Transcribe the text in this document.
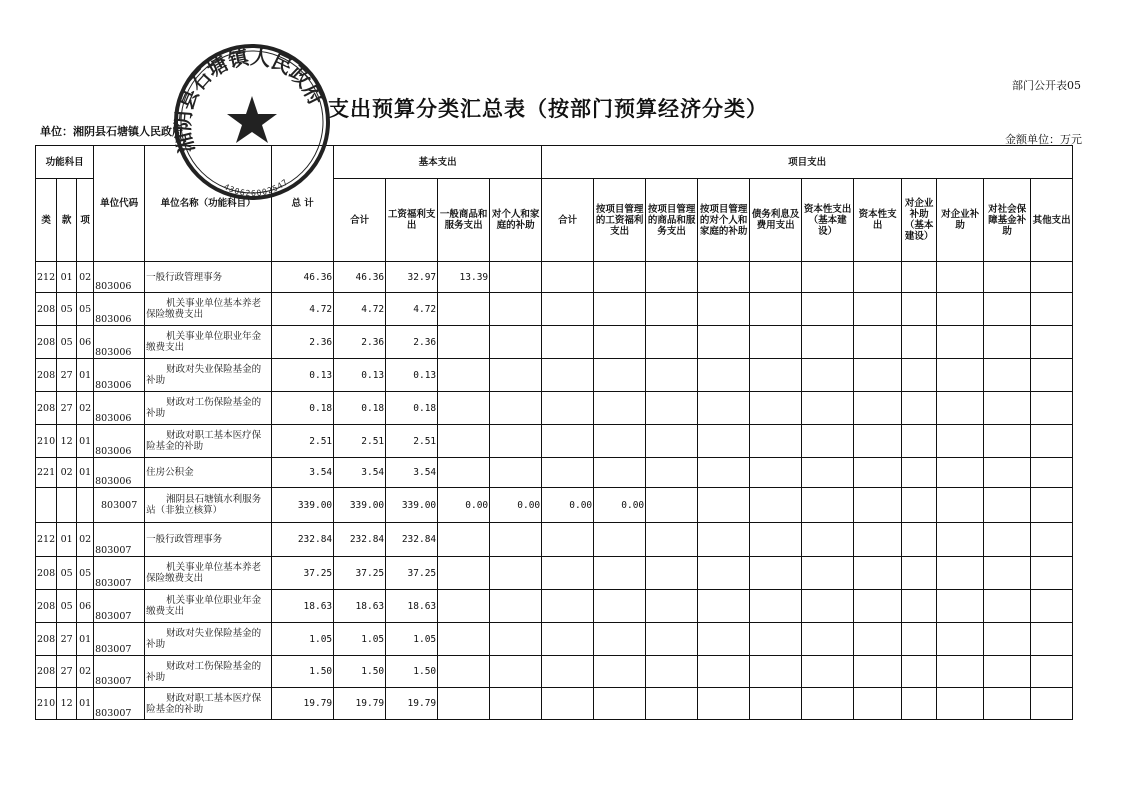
部门公开表05
支出预算分类汇总表（按部门预算经济分类）
单位：湘阴县石塘镇人民政府
金额单位：万元
功能科目			单位代码	单位名称（功能科目）	总 计	基本支出				项目支出										
类	款	项				合计	工资福利支出	一般商品和服务支出	对个人和家庭的补助	合计	按项目管理的工资福利支出	按项目管理的商品和服务支出	按项目管理的对个人和家庭的补助	债务利息及费用支出	资本性支出（基本建设）	资本性支出	对企业补助（基本建设）	对企业补助	对社会保障基金补助	其他支出
212	01	02	803006	一般行政管理事务	46.36	46.36	32.97	13.39												
208	05	05	803006	机关事业单位基本养老保险缴费支出	4.72	4.72	4.72													
208	05	06	803006	机关事业单位职业年金缴费支出	2.36	2.36	2.36													
208	27	01	803006	财政对失业保险基金的补助	0.13	0.13	0.13													
208	27	02	803006	财政对工伤保险基金的补助	0.18	0.18	0.18													
210	12	01	803006	财政对职工基本医疗保险基金的补助	2.51	2.51	2.51													
221	02	01	803006	住房公积金	3.54	3.54	3.54													
			803007	湘阴县石塘镇水利服务站（非独立核算）	339.00	339.00	339.00	0.00	0.00	0.00	0.00									
212	01	02	803007	一般行政管理事务	232.84	232.84	232.84													
208	05	05	803007	机关事业单位基本养老保险缴费支出	37.25	37.25	37.25													
208	05	06	803007	机关事业单位职业年金缴费支出	18.63	18.63	18.63													
208	27	01	803007	财政对失业保险基金的补助	1.05	1.05	1.05													
208	27	02	803007	财政对工伤保险基金的补助	1.50	1.50	1.50													
210	12	01	803007	财政对职工基本医疗保险基金的补助	19.79	19.79	19.79													
湘阴县石塘镇人民政府
430626002547
